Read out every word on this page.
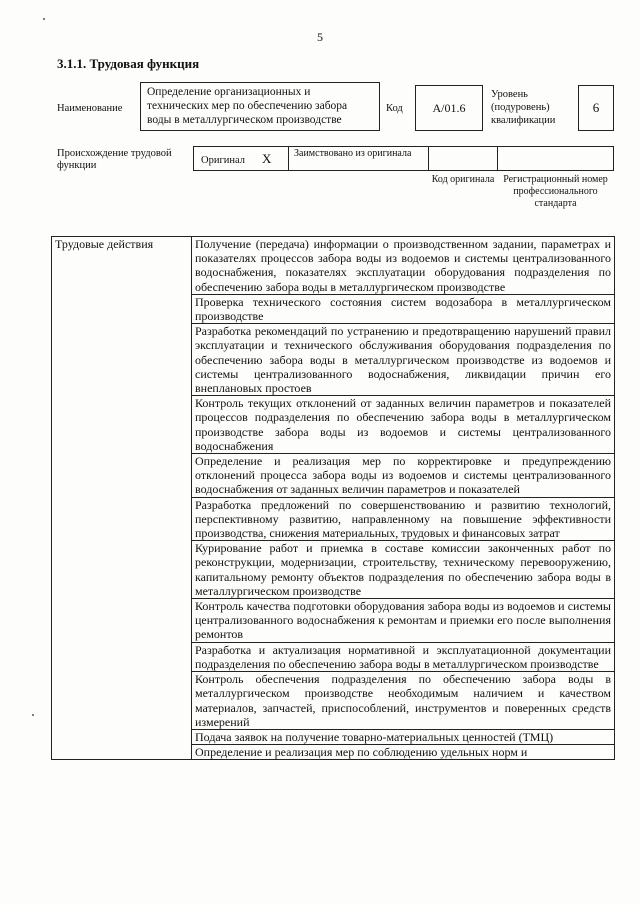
5
3.1.1. Трудовая функция
Наименование
Определение организационных и технических мер по обеспечению забора воды в металлургическом производстве
Код	А/01.6
Уровень (подуровень) квалификации
6
Происхождение трудовой функции	Оригинал X	Заимствовано из оригинала
Код оригинала Регистрационный номер профессионального стандарта
Трудовые действия	Получение (передача) информации о производственном задании, параметрах и показателях процессов забора воды из водоемов и системы централизованного водоснабжения, показателях эксплуатации оборудования подразделения по обеспечению забора воды в металлургическом производстве
Проверка технического состояния систем водозабора в металлургическом производстве
Разработка рекомендаций по устранению и предотвращению нарушений правил эксплуатации и технического обслуживания оборудования подразделения по обеспечению забора воды в металлургическом производстве из водоемов и системы централизованного водоснабжения, ликвидации причин его внеплановых простоев
Контроль текущих отклонений от заданных величин параметров и показателей процессов подразделения по обеспечению забора воды в металлургическом производстве забора воды из водоемов и системы централизованного водоснабжения
Определение и реализация мер по корректировке и предупреждению отклонений процесса забора воды из водоемов и системы централизованного водоснабжения от заданных величин параметров и показателей
Разработка предложений по совершенствованию и развитию технологий, перспективному развитию, направленному на повышение эффективности производства, снижения материальных, трудовых и финансовых затрат
Курирование работ и приемка в составе комиссии законченных работ по реконструкции, модернизации, строительству, техническому перевооружению, капитальному ремонту объектов подразделения по обеспечению забора воды в металлургическом производстве
Контроль качества подготовки оборудования забора воды из водоемов и системы централизованного водоснабжения к ремонтам и приемки его после выполнения ремонтов
Разработка и актуализация нормативной и эксплуатационной документации подразделения по обеспечению забора воды в металлургическом производстве
Контроль обеспечения подразделения по обеспечению забора воды в металлургическом производстве необходимым наличием и качеством материалов, запчастей, приспособлений, инструментов и поверенных средств измерений
Подача заявок на получение товарно-материальных ценностей (ТМЦ)
Определение и реализация мер по соблюдению удельных норм и
